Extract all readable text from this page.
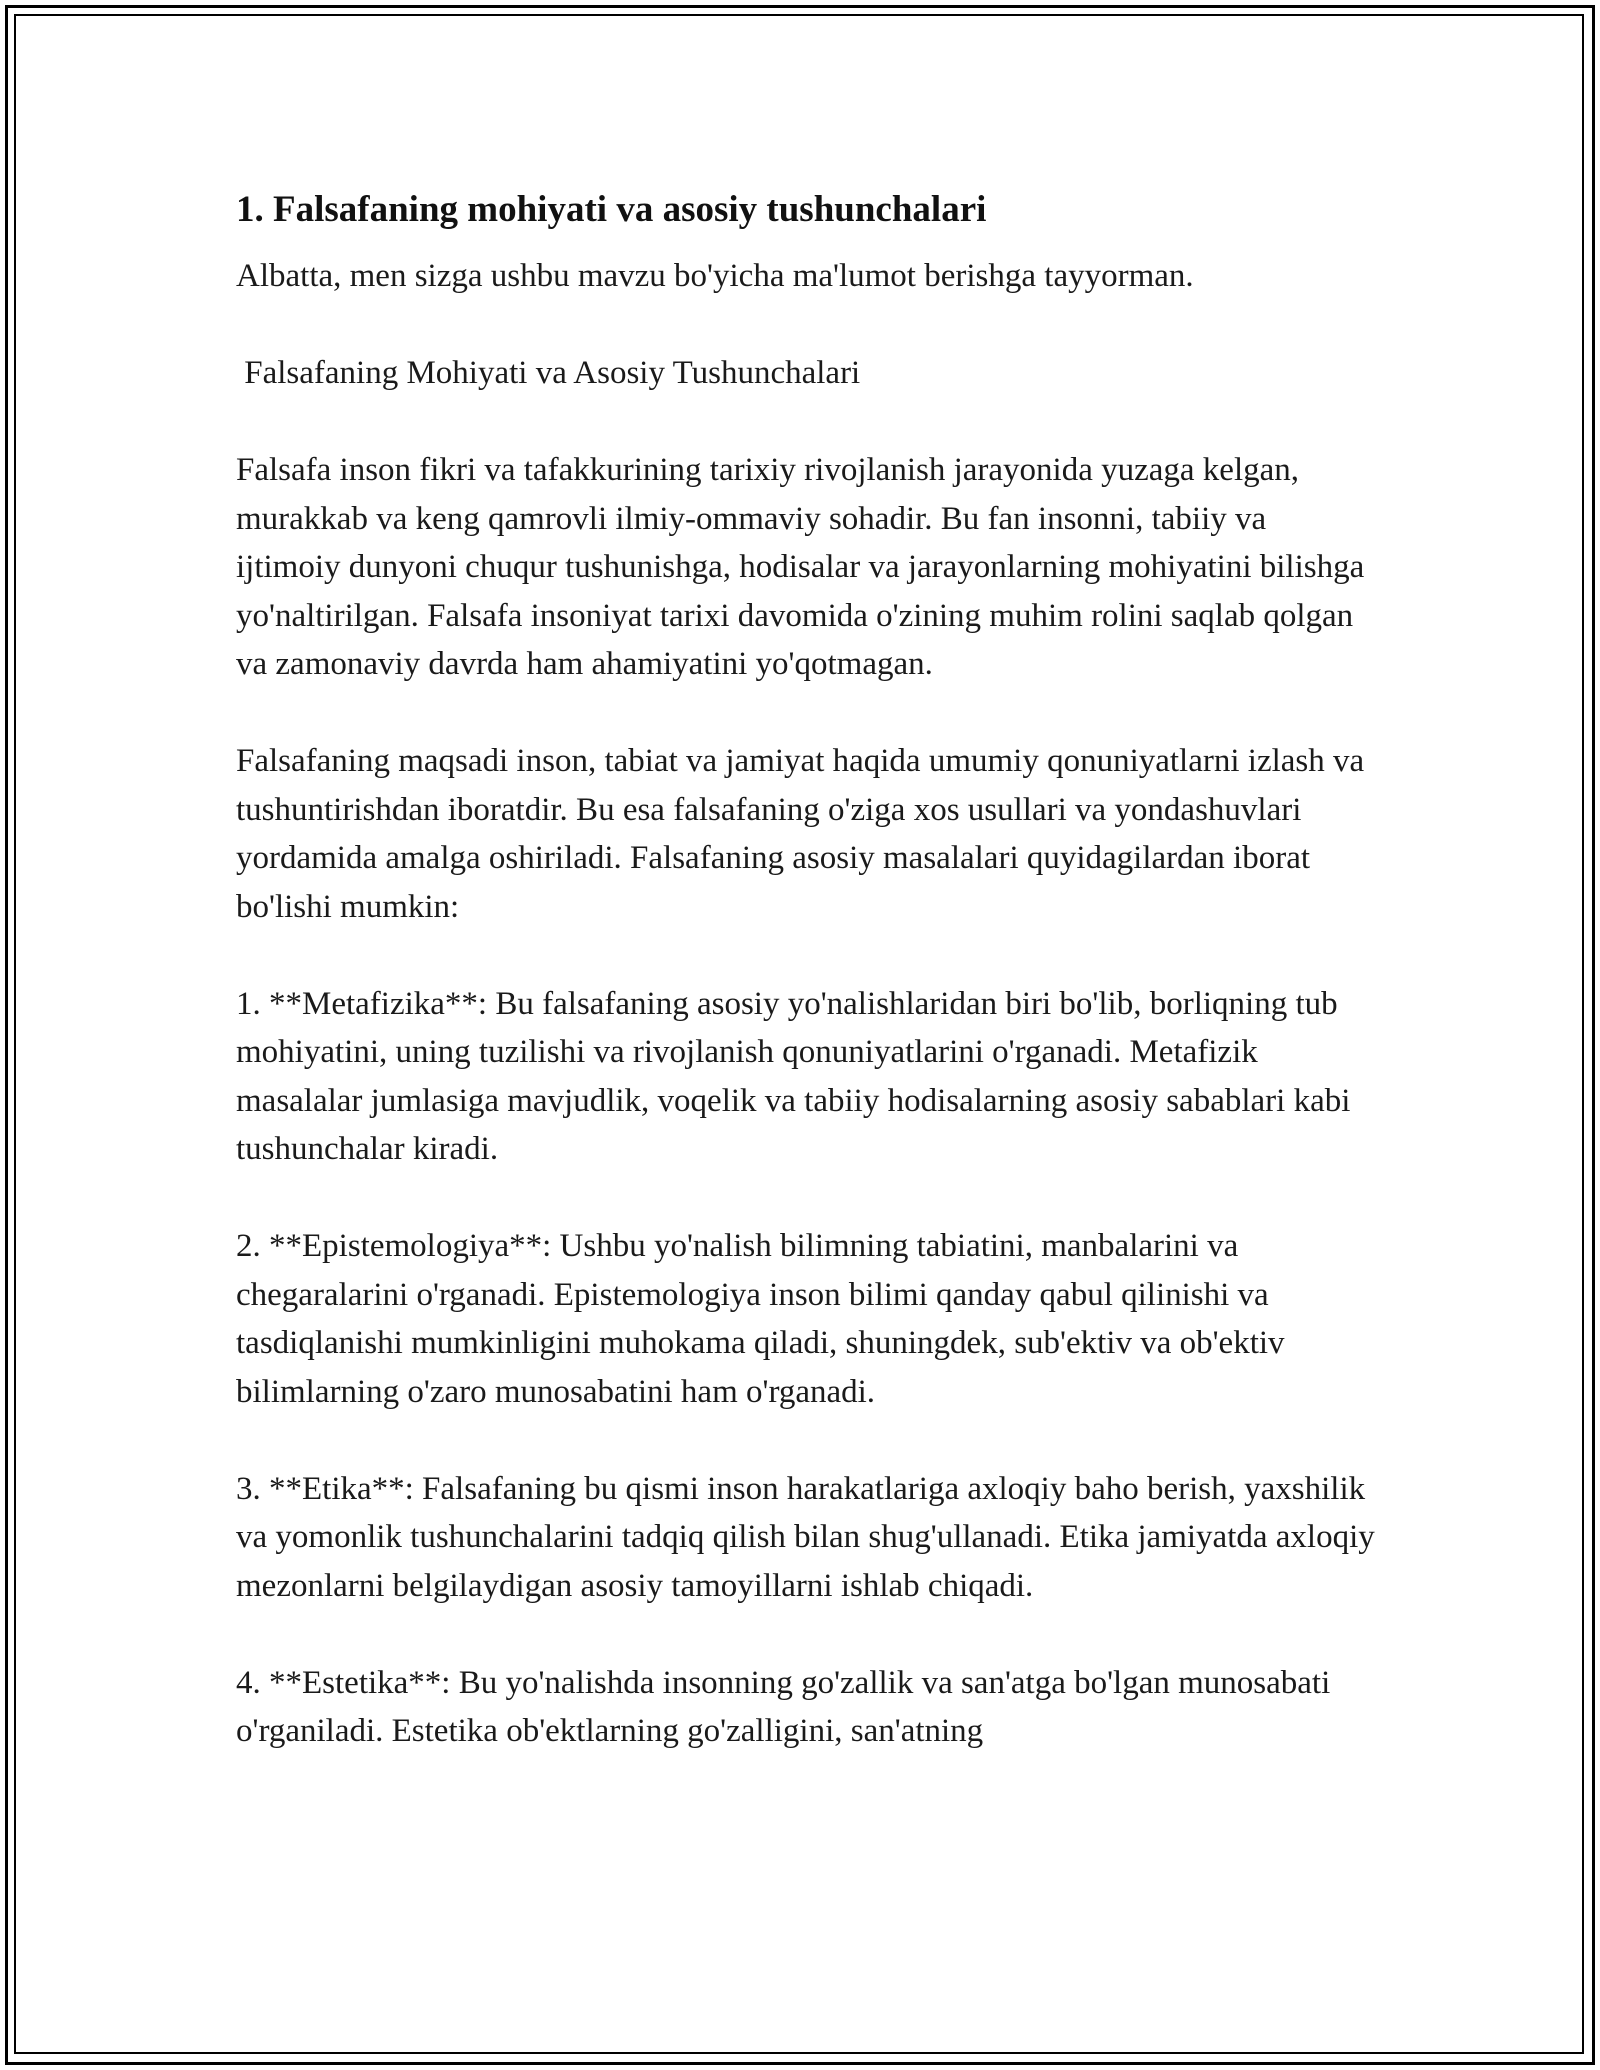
1. Falsafaning mohiyati va asosiy tushunchalari

Albatta, men sizga ushbu mavzu bo'yicha ma'lumot berishga tayyorman.

Falsafaning Mohiyati va Asosiy Tushunchalari

Falsafa inson fikri va tafakkurining tarixiy rivojlanish jarayonida yuzaga kelgan, murakkab va keng qamrovli ilmiy-ommaviy sohadir. Bu fan insonni, tabiiy va ijtimoiy dunyoni chuqur tushunishga, hodisalar va jarayonlarning mohiyatini bilishga yo'naltirilgan. Falsafa insoniyat tarixi davomida o'zining muhim rolini saqlab qolgan va zamonaviy davrda ham ahamiyatini yo'qotmagan.

Falsafaning maqsadi inson, tabiat va jamiyat haqida umumiy qonuniyatlarni izlash va tushuntirishdan iboratdir. Bu esa falsafaning o'ziga xos usullari va yondashuvlari yordamida amalga oshiriladi. Falsafaning asosiy masalalari quyidagilardan iborat bo'lishi mumkin:

1. **Metafizika**: Bu falsafaning asosiy yo'nalishlaridan biri bo'lib, borliqning tub mohiyatini, uning tuzilishi va rivojlanish qonuniyatlarini o'rganadi. Metafizik masalalar jumlasiga mavjudlik, voqelik va tabiiy hodisalarning asosiy sabablari kabi tushunchalar kiradi.

2. **Epistemologiya**: Ushbu yo'nalish bilimning tabiatini, manbalarini va chegaralarini o'rganadi. Epistemologiya inson bilimi qanday qabul qilinishi va tasdiqlanishi mumkinligini muhokama qiladi, shuningdek, sub'ektiv va ob'ektiv bilimlarning o'zaro munosabatini ham o'rganadi.

3. **Etika**: Falsafaning bu qismi inson harakatlariga axloqiy baho berish, yaxshilik va yomonlik tushunchalarini tadqiq qilish bilan shug'ullanadi. Etika jamiyatda axloqiy mezonlarni belgilaydigan asosiy tamoyillarni ishlab chiqadi.

4. **Estetika**: Bu yo'nalishda insonning go'zallik va san'atga bo'lgan munosabati o'rganiladi. Estetika ob'ektlarning go'zalligini, san'atning
